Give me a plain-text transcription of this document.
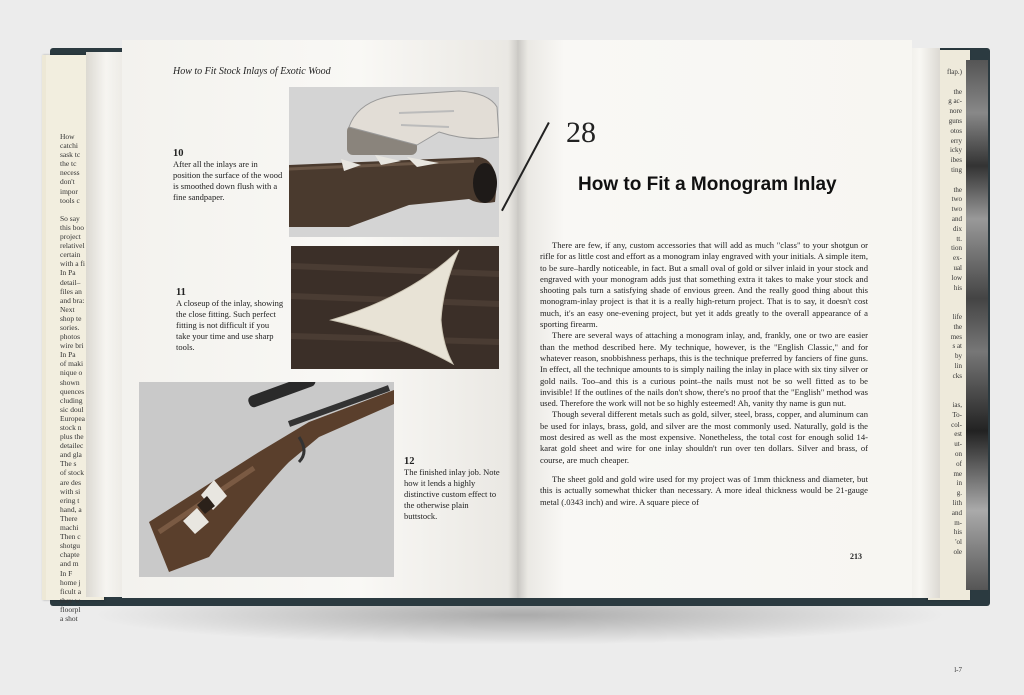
How
catchi
sask tc
the tc
necess
don't
impor
tools c

So say
this boo
project
relativel
certain
with a fi
In Pa
detail–
files an
and bra:
Next
shop te
sories.
photos
wire bri
In Pa
of maki
nique o
shown
quences
cluding
sic doul
Europea
stock n
plus the
detailec
and gla
The s
of stock
are des
with si
ering t
hand, a
There
machi
Then c
shotgu
chapte
and m
In F
home j
ficult a
they w
floorpl
a shot
flap.)

the
g ac-
nore
guns
otos
erry
icky
ibes
ting

the
two
two
and
dix
tt.
tion
ex-
ual
low
his

life
the
mes
s at
by
lin
cks

ias,
To-
col-
est
ut-
on
of
me
in
g.
lith
and
m-
his
'ol
ole

l-7
How to Fit Stock Inlays of Exotic Wood
10
After all the inlays are in position the surface of the wood is smoothed down flush with a fine sandpaper.
11
A closeup of the inlay, showing the close fitting. Such perfect fitting is not difficult if you take your time and use sharp tools.
12
The finished inlay job. Note how it lends a highly distinctive custom effect to the otherwise plain buttstock.
28
How to Fit a Monogram Inlay

There are few, if any, custom accessories that will add as much "class" to your shotgun or rifle for as little cost and effort as a monogram inlay engraved with your initials. A simple item, to be sure–hardly noticeable, in fact. But a small oval of gold or silver inlaid in your stock and engraved with your monogram adds just that something extra it takes to make your stock and shooting pals turn a satisfying shade of envious green. And the really good thing about this monogram-inlay project is that it is a really high-return project. That is to say, it doesn't cost much, it's an easy one-evening project, but yet it adds greatly to the overall appearance of a sporting firearm.

There are several ways of attaching a monogram inlay, and, frankly, one or two are easier than the method described here. My technique, however, is the "English Classic," and for whatever reason, snobbishness perhaps, this is the technique preferred by fanciers of fine guns. In effect, all the technique amounts to is simply nailing the inlay in place with six tiny silver or gold nails. Too–and this is a curious point–the nails must not be so well fitted as to be invisible! If the outlines of the nails don't show, there's no proof that the "English" method was used. Therefore the work will not be so highly esteemed! Ah, vanity thy name is gun nut.

Though several different metals such as gold, silver, steel, brass, copper, and aluminum can be used for inlays, brass, gold, and silver are the most commonly used. Naturally, gold is the most desired as well as the most expensive. Nonetheless, the total cost for enough solid 14-karat gold sheet and wire for one inlay shouldn't run over ten dollars. Silver and brass, of course, are much cheaper.

The sheet gold and gold wire used for my project was of 1mm thickness and diameter, but this is actually somewhat thicker than necessary. A more ideal thickness would be 21-gauge metal (.0343 inch) and wire. A square piece of

213
